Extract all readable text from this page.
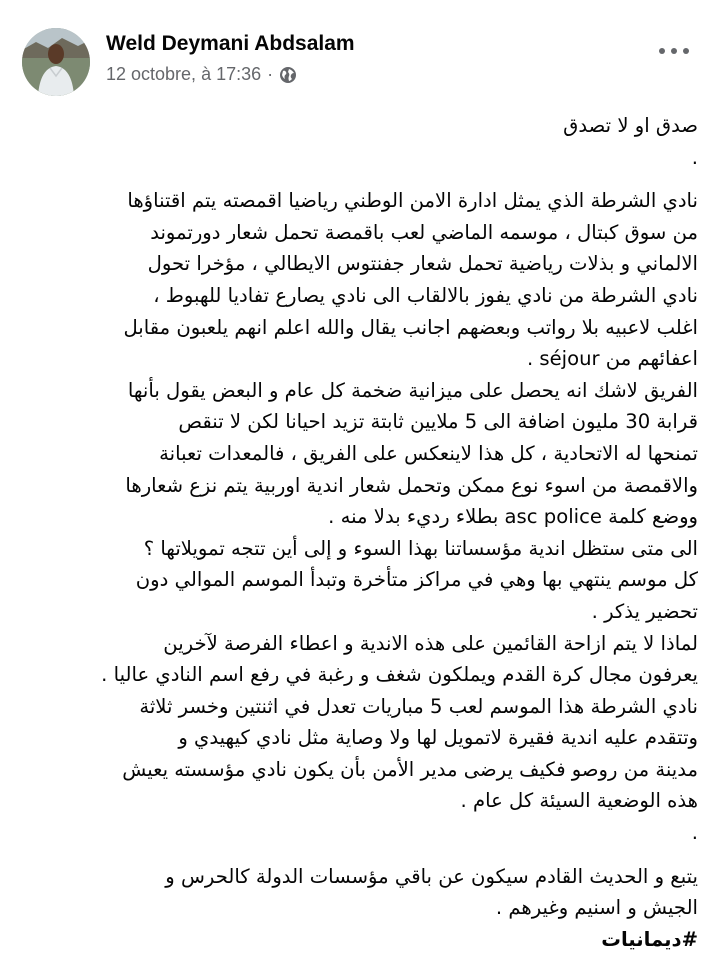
Weld Deymani Abdsalam
12 octobre, à 17:36 ·
صدق او لا تصدق
.
نادي الشرطة الذي يمثل ادارة الامن الوطني رياضيا اقمصته يتم اقتناؤها
من سوق كبتال ، موسمه الماضي لعب باقمصة تحمل شعار دورتموند
الالماني و بذلات رياضية تحمل شعار جفنتوس الايطالي ، مؤخرا تحول
نادي الشرطة من نادي يفوز بالالقاب الى نادي يصارع تفاديا للهبوط ،
اغلب لاعبيه بلا رواتب وبعضهم اجانب يقال والله اعلم انهم يلعبون مقابل
اعفائهم من séjour .
الفريق لاشك انه يحصل على ميزانية ضخمة كل عام و البعض يقول بأنها
قرابة 30 مليون اضافة الى 5 ملايين ثابتة تزيد احيانا لكن لا تنقص
تمنحها له الاتحادية ، كل هذا لاينعكس على الفريق ، فالمعدات تعبانة
والاقمصة من اسوء نوع ممكن وتحمل شعار اندية اوربية يتم نزع شعارها
ووضع كلمة asc police بطلاء رديء بدلا منه .
الى متى ستظل اندية مؤسساتنا بهذا السوء و إلى أين تتجه تمويلاتها ؟
كل موسم ينتهي بها وهي في مراكز متأخرة وتبدأ الموسم الموالي دون
تحضير يذكر .
لماذا لا يتم ازاحة القائمين على هذه الاندية و اعطاء الفرصة لآخرين
يعرفون مجال كرة القدم ويملكون شغف و رغبة في رفع اسم النادي عاليا .
نادي الشرطة هذا الموسم لعب 5 مباريات تعدل في اثنتين وخسر ثلاثة
وتتقدم عليه اندية فقيرة لاتمويل لها ولا وصاية مثل نادي كيهيدي و
مدينة من روصو فكيف يرضى مدير الأمن بأن يكون نادي مؤسسته يعيش
هذه الوضعية السيئة كل عام .
.
يتبع و الحديث القادم سيكون عن باقي مؤسسات الدولة كالحرس و
الجيش و اسنيم وغيرهم .
#ديمانيات
